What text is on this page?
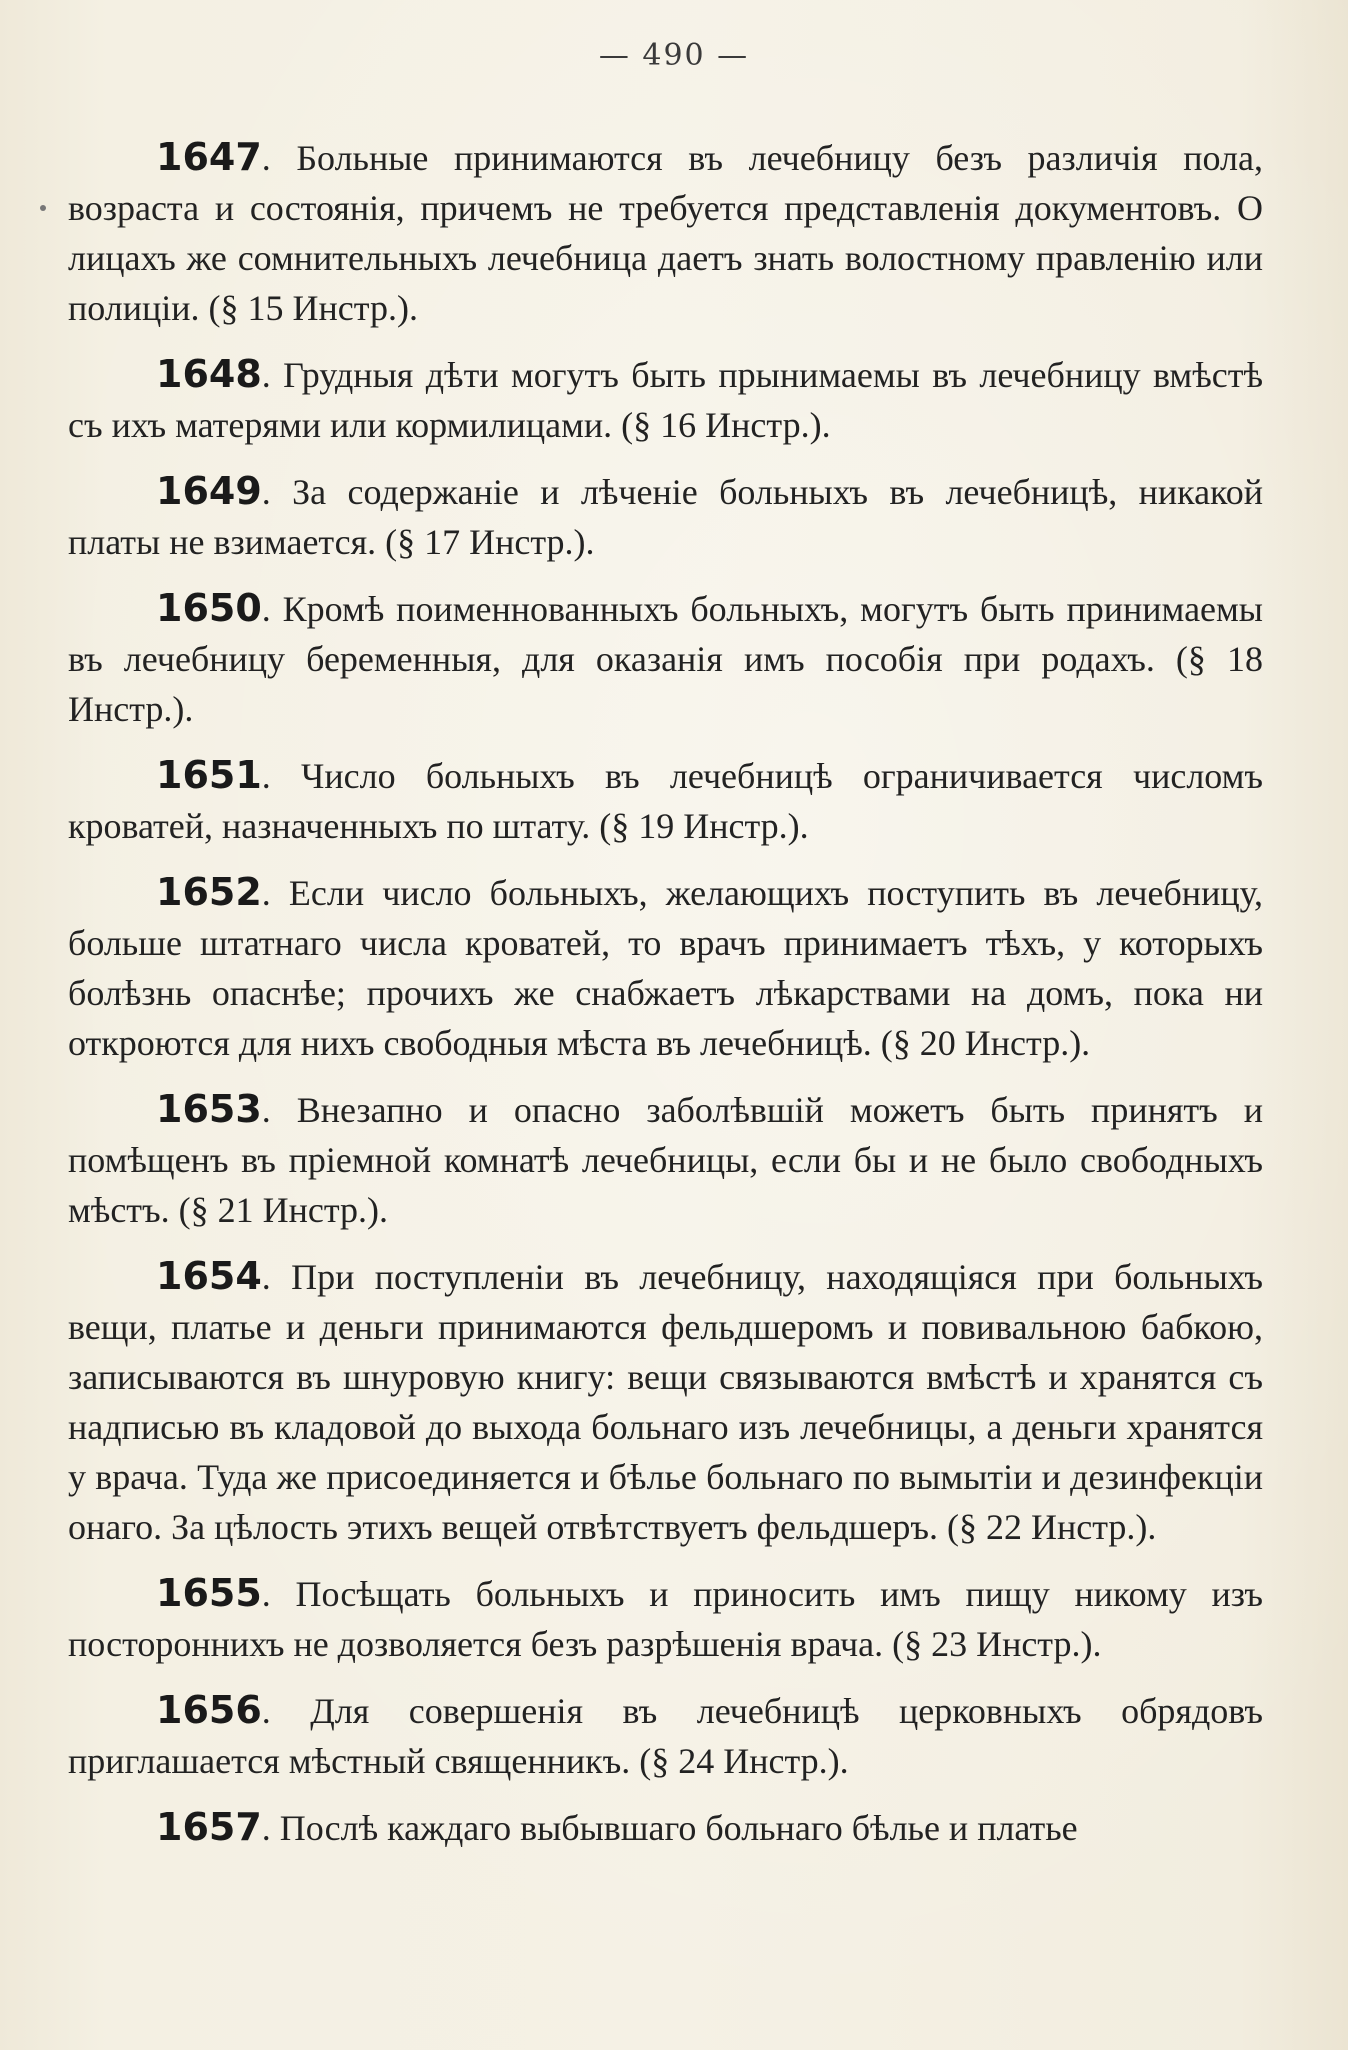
— 490 —

1647. Больные принимаются въ лечебницу безъ различія пола, возраста и состоянія, причемъ не требуется представленія документовъ. О лицахъ же сомнительныхъ лечебница даетъ знать волостному правленію или полиціи. (§ 15 Инстр.).

1648. Грудныя дѣти могутъ быть прынимаемы въ лечебницу вмѣстѣ съ ихъ матерями или кормилицами. (§ 16 Инстр.).

1649. За содержаніе и лѣченіе больныхъ въ лечебницѣ, никакой платы не взимается. (§ 17 Инстр.).

1650. Кромѣ поименнованныхъ больныхъ, могутъ быть принимаемы въ лечебницу беременныя, для оказанія имъ пособія при родахъ. (§ 18 Инстр.).

1651. Число больныхъ въ лечебницѣ ограничивается числомъ кроватей, назначенныхъ по штату. (§ 19 Инстр.).

1652. Если число больныхъ, желающихъ поступить въ лечебницу, больше штатнаго числа кроватей, то врачъ принимаетъ тѣхъ, у которыхъ болѣзнь опаснѣе; прочихъ же снабжаетъ лѣкарствами на домъ, пока ни откроются для нихъ свободныя мѣста въ лечебницѣ. (§ 20 Инстр.).

1653. Внезапно и опасно заболѣвшій можетъ быть принятъ и помѣщенъ въ пріемной комнатѣ лечебницы, если бы и не было свободныхъ мѣстъ. (§ 21 Инстр.).

1654. При поступленіи въ лечебницу, находящіяся при больныхъ вещи, платье и деньги принимаются фельдшеромъ и повивальною бабкою, записываются въ шнуровую книгу: вещи связываются вмѣстѣ и хранятся съ надписью въ кладовой до выхода больнаго изъ лечебницы, а деньги хранятся у врача. Туда же присоединяется и бѣлье больнаго по вымытіи и дезинфекціи онаго. За цѣлость этихъ вещей отвѣтствуетъ фельдшеръ. (§ 22 Инстр.).

1655. Посѣщать больныхъ и приносить имъ пищу никому изъ постороннихъ не дозволяется безъ разрѣшенія врача. (§ 23 Инстр.).

1656. Для совершенія въ лечебницѣ церковныхъ обрядовъ приглашается мѣстный священникъ. (§ 24 Инстр.).

1657. Послѣ каждаго выбывшаго больнаго бѣлье и платье
